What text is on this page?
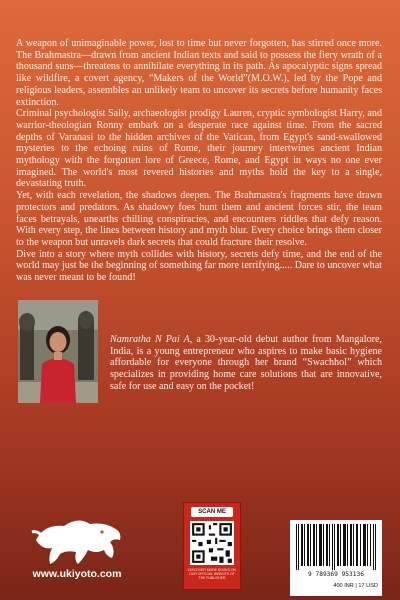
A weapon of unimaginable power, lost to time but never forgotten, has stirred once more. The Brahmastra—drawn from ancient Indian texts and said to possess the fiery wrath of a thousand suns—threatens to annihilate everything in its path. As apocalyptic signs spread like wildfire, a covert agency, “Makers of the World”(M.O.W.), led by the Pope and religious leaders, assembles an unlikely team to uncover its secrets before humanity faces extinction.

Criminal psychologist Sally, archaeologist prodigy Lauren, cryptic symbologist Harry, and warrior-theologian Ronny embark on a desperate race against time. From the sacred depths of Varanasi to the hidden archives of the Vatican, from Egypt's sand-swallowed mysteries to the echoing ruins of Rome, their journey intertwines ancient Indian mythology with the forgotten lore of Greece, Rome, and Egypt in ways no one ever imagined. The world's most revered histories and myths hold the key to a single, devastating truth.

Yet, with each revelation, the shadows deepen. The Brahmastra's fragments have drawn protectors and predators. As shadowy foes hunt them and ancient forces stir, the team faces betrayals, unearths chilling conspiracies, and encounters riddles that defy reason. With every step, the lines between history and myth blur. Every choice brings them closer to the weapon but unravels dark secrets that could fracture their resolve.

Dive into a story where myth collides with history, secrets defy time, and the end of the world may just be the beginning of something far more terrifying..... Dare to uncover what was never meant to be found!

Namratha N Pai A, a 30-year-old debut author from Mangalore, India, is a young entrepreneur who aspires to make basic hygiene affordable for everyone through her brand “Swachhol” which specializes in providing home care solutions that are innovative, safe for use and easy on the pocket!
www.ukiyoto.com
SCAN ME
DISCOVER MORE BOOKS ON OUR OFFICIAL WEBSITE OF THE PUBLISHER	9 789369 953136
400 INR | 17 USD
